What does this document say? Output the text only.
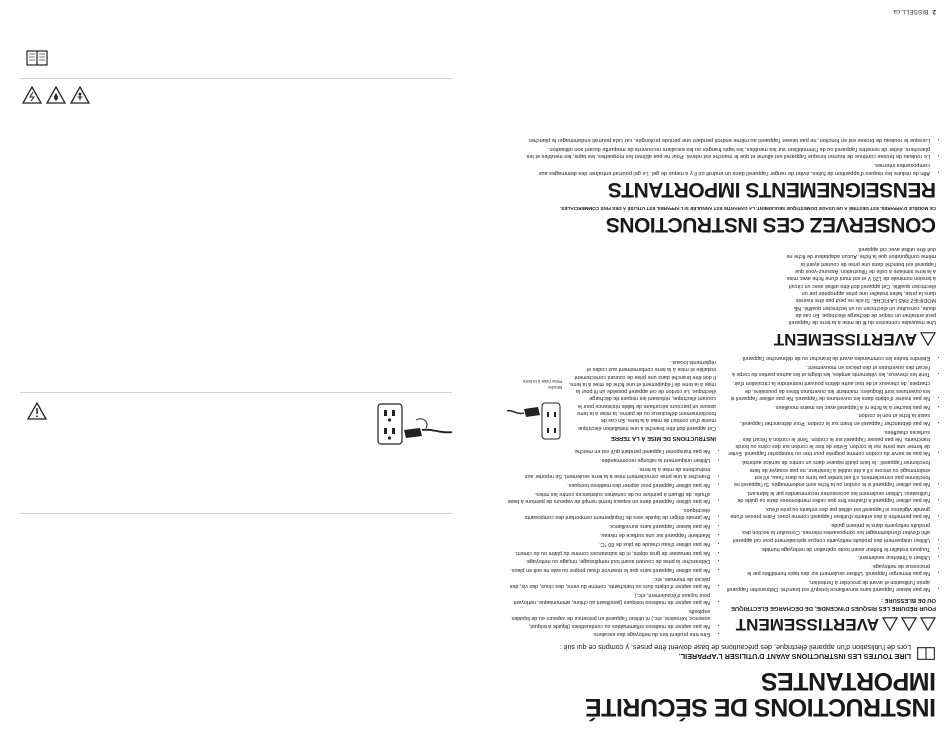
INSTRUCTIONS DE SÉCURITÉ IMPORTANTES
LIRE TOUTES LES INSTRUCTIONS AVANT D'UTILISER L'APPAREIL.
Lors de l'utilisation d'un appareil électrique, des précautions de base doivent être prises, y compris ce qui suit :
AVERTISSEMENT
POUR RÉDUIRE LES RISQUES D'INCENDIE, DE DÉCHARGE ÉLECTRIQUE OU DE BLESSURE :
• Ne pas laisser l'appareil sans surveillance lorsqu'il est branché. Débrancher l'appareil après l'utilisation et avant de procéder à l'entretien.
• Ne pas immerger l'appareil. Utiliser seulement sur des tapis humidifiés par le processus de nettoyage.
• Utiliser à l'intérieur seulement.
• Toujours installer le flotteur avant toute opération de nettoyage humide.
• Utiliser uniquement des produits nettoyants conçus spécialement pour cet appareil afin d'éviter d'endommager les composantes internes. Consulter la section des produits nettoyants dans le présent guide.
• Ne pas permettre à des enfants d'utiliser l'appareil comme jouet. Faire preuve d'une grande vigilance si l'appareil est utilisé par des enfants ou près d'eux.
• Ne pas utiliser l'appareil à d'autres fins que celles mentionnées dans ce guide de l'utilisateur. Utiliser seulement les accessoires recommandés par le fabricant.
• Ne pas utiliser l'appareil si le cordon ou la fiche sont endommagés. Si l'appareil ne fonctionne pas correctement, s'il est tombé par terre ou dans l'eau, s'il est endommagé ou encore s'il a été oublié à l'extérieur, ne pas essayer de faire fonctionner l'appareil : le faire plutôt réparer dans un centre de service autorisé.
• Ne pas se servir du cordon comme poignée pour tirer ou transporter l'appareil. Éviter de fermer une porte sur le cordon. Éviter de tirer le cordon sur des coins ou bords tranchants. Ne pas passer l'appareil sur le cordon. Tenir le cordon à l'écart des surfaces chauffées.
• Ne pas débrancher l'appareil en tirant sur le cordon. Pour débrancher l'appareil, saisir la fiche et non le cordon.
• Ne pas toucher à la fiche ni à l'appareil avec les mains mouillées.
• Ne pas insérer d'objets dans les ouvertures de l'appareil. Ne pas utiliser l'appareil si les ouvertures sont bloquées; maintenir les ouvertures libres de poussière, de charpies, de cheveux et de tout autre débris pouvant restreindre la circulation d'air.
• Tenir les cheveux, les vêtements amples, les doigts et les autres parties du corps à l'écart des ouvertures et des pièces en mouvement.
• Éteindre toutes les commandes avant de brancher ou de débrancher l'appareil.
AVERTISSEMENT
Une mauvaise connexion du fil de mise à la terre de l'appareil peut entraîner un risque de décharge électrique. En cas de doute, consultez un électricien ou un technicien qualifié. NE MODIFIEZ PAS LA FICHE. Si elle ne peut pas être insérée dans la prise, faites installer une prise appropriée par un électricien qualifié. Cet appareil doit être utilisé avec un circuit à tension nominale de 120 V et est muni d'une fiche avec mise à la terre similaire à celle de l'illustration. Assurez-vous que l'appareil est branché dans une prise de courant ayant la même configuration que la fiche. Aucun adaptateur de fiche ne doit être utilisé avec cet appareil.
• Être très prudent lors du nettoyage des escaliers.
• Ne pas aspirer de matières inflammables ou combustibles (liquide à briquet, essence, kérosène, etc.) ni utiliser l'appareil en présence de vapeurs ou de liquides explosifs.
• Ne pas aspirer de matières toxiques (javellisant au chlore, ammoniaque, nettoyant pour tuyaux d'écoulement, etc.).
• Ne pas aspirer d'objets durs ou tranchants, comme du verre, des clous, des vis, des pièces de monnaie, etc.
• Ne pas utiliser l'appareil sans que le réservoir d'eau propre ou sale ne soit en place.
• Débrancher la prise de courant avant tout remplissage, rinçage ou nettoyage.
• Ne pas ramasser de gros objets, ni de substances comme du plâtre ou du ciment.
• Ne pas utiliser d'eau chaude de plus de 60 °C.
• Maintenir l'appareil sur une surface de niveau.
• Ne pas laisser l'appareil sans surveillance.
• Ne jamais diriger de liquide vers de l'équipement comportant des composants électriques.
• Ne pas utiliser l'appareil dans un espace fermé rempli de vapeurs de peinture à base d'huile, de diluant à peinture ou de certaines substances contre les mites.
• Ne pas utiliser l'appareil pour aspirer des matières toxiques.
• Brancher à une prise correctement mise à la terre seulement. Se reporter aux instructions de mise à la terre.
• Utiliser uniquement la rallonge recommandée.
• Ne pas transporter l'appareil pendant qu'il est en marche.
INSTRUCTIONS DE MISE À LA TERRE
Cet appareil doit être branché à une installation électrique munie d'un contact de mise à la terre. En cas de fonctionnement défectueux ou de panne, la mise à la terre assure un parcours sécuritaire de faible résistance pour le courant électrique, réduisant les risques de décharge électrique. Le cordon de cet appareil possède un fil pour la mise à la terre de l'équipement et une fiche de mise à la terre. Il doit être branché dans une prise de courant correctement installée et mise à la terre conformément aux codes et règlements locaux.
Broche
Prise mise à la terre
CONSERVEZ CES INSTRUCTIONS
CE MODÈLE D'APPAREIL EST DESTINÉ À UN USAGE DOMESTIQUE SEULEMENT. LA GARANTIE EST ANNULÉE SI L'APPAREIL EST UTILISÉ À DES FINS COMMERCIALES.
RENSEIGNEMENTS IMPORTANTS
• Afin de réduire les risques d'apparition de fuites, éviter de ranger l'appareil dans un endroit où il y a risque de gel. Le gel pourrait entraîner des dommages aux composantes internes.
• Le rouleau de brosse continue de tourner lorsque l'appareil est allumé et que le manche est relevé. Pour ne pas abîmer les moquettes, les tapis, les meubles et les planchers, éviter de remettre l'appareil ou de l'immobiliser sur les meubles, les tapis frangés ou les escaliers recouverts de moquette durant son utilisation.
• Lorsque le rouleau de brosse est en fonction, ne pas laisser l'appareil au même endroit pendant une période prolongée, car cela pourrait endommager le plancher.
2
BISSELL.ca
